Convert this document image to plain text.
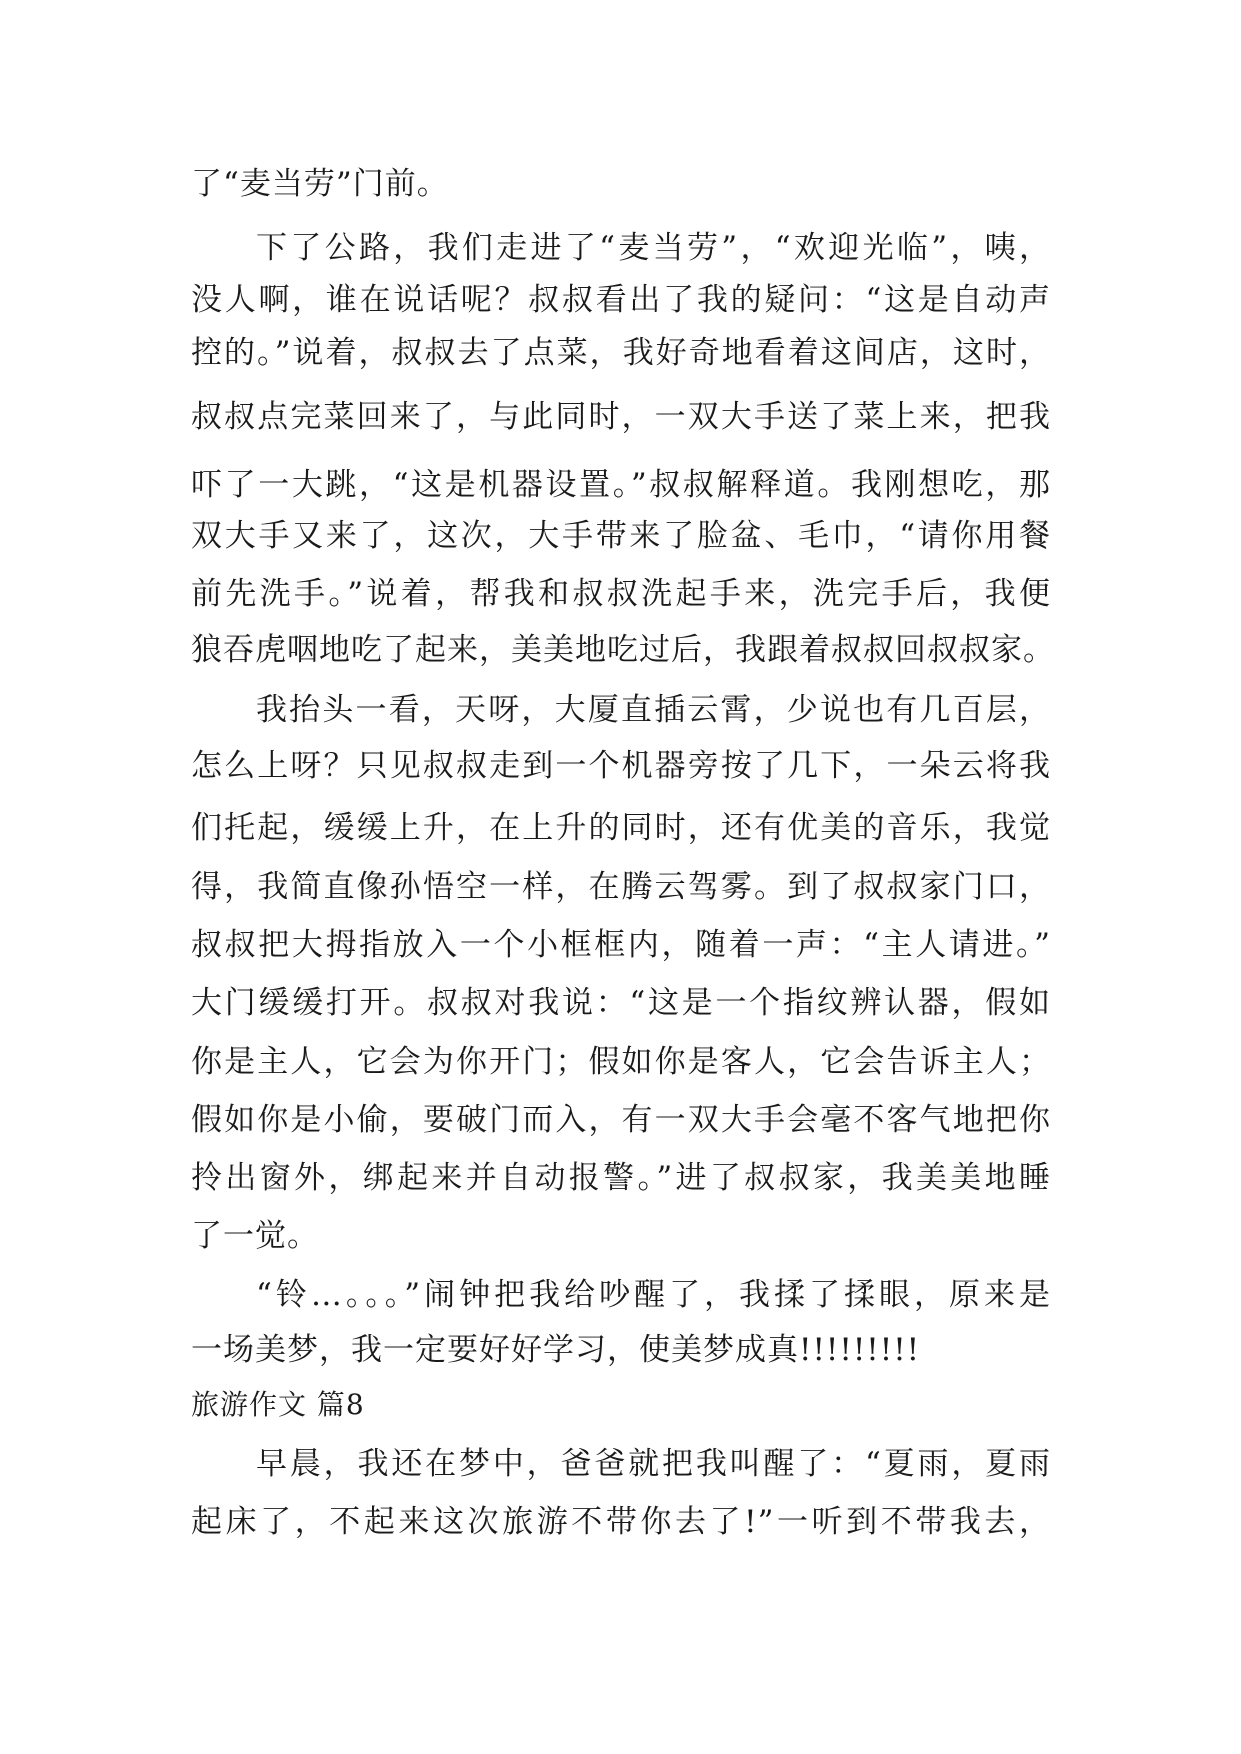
了“麦当劳”门前。
下了公路，我们走进了“麦当劳”，“欢迎光临”，咦，
没人啊，谁在说话呢？叔叔看出了我的疑问：“这是自动声
控的。”说着，叔叔去了点菜，我好奇地看着这间店，这时，
叔叔点完菜回来了，与此同时，一双大手送了菜上来，把我
吓了一大跳，“这是机器设置。”叔叔解释道。我刚想吃，那
双大手又来了，这次，大手带来了脸盆、毛巾，“请你用餐
前先洗手。”说着，帮我和叔叔洗起手来，洗完手后，我便
狼吞虎咽地吃了起来，美美地吃过后，我跟着叔叔回叔叔家。
我抬头一看，天呀，大厦直插云霄，少说也有几百层，
怎么上呀？只见叔叔走到一个机器旁按了几下，一朵云将我
们托起，缓缓上升，在上升的同时，还有优美的音乐，我觉
得，我简直像孙悟空一样，在腾云驾雾。到了叔叔家门口，
叔叔把大拇指放入一个小框框内，随着一声：“主人请进。”
大门缓缓打开。叔叔对我说：“这是一个指纹辨认器，假如
你是主人，它会为你开门；假如你是客人，它会告诉主人；
假如你是小偷，要破门而入，有一双大手会毫不客气地把你
拎出窗外，绑起来并自动报警。”进了叔叔家，我美美地睡
了一觉。
“铃…。。。”闹钟把我给吵醒了，我揉了揉眼，原来是
一场美梦，我一定要好好学习，使美梦成真!!!!!!!!!
旅游作文 篇8
早晨，我还在梦中，爸爸就把我叫醒了：“夏雨，夏雨
起床了，不起来这次旅游不带你去了!”一听到不带我去，
